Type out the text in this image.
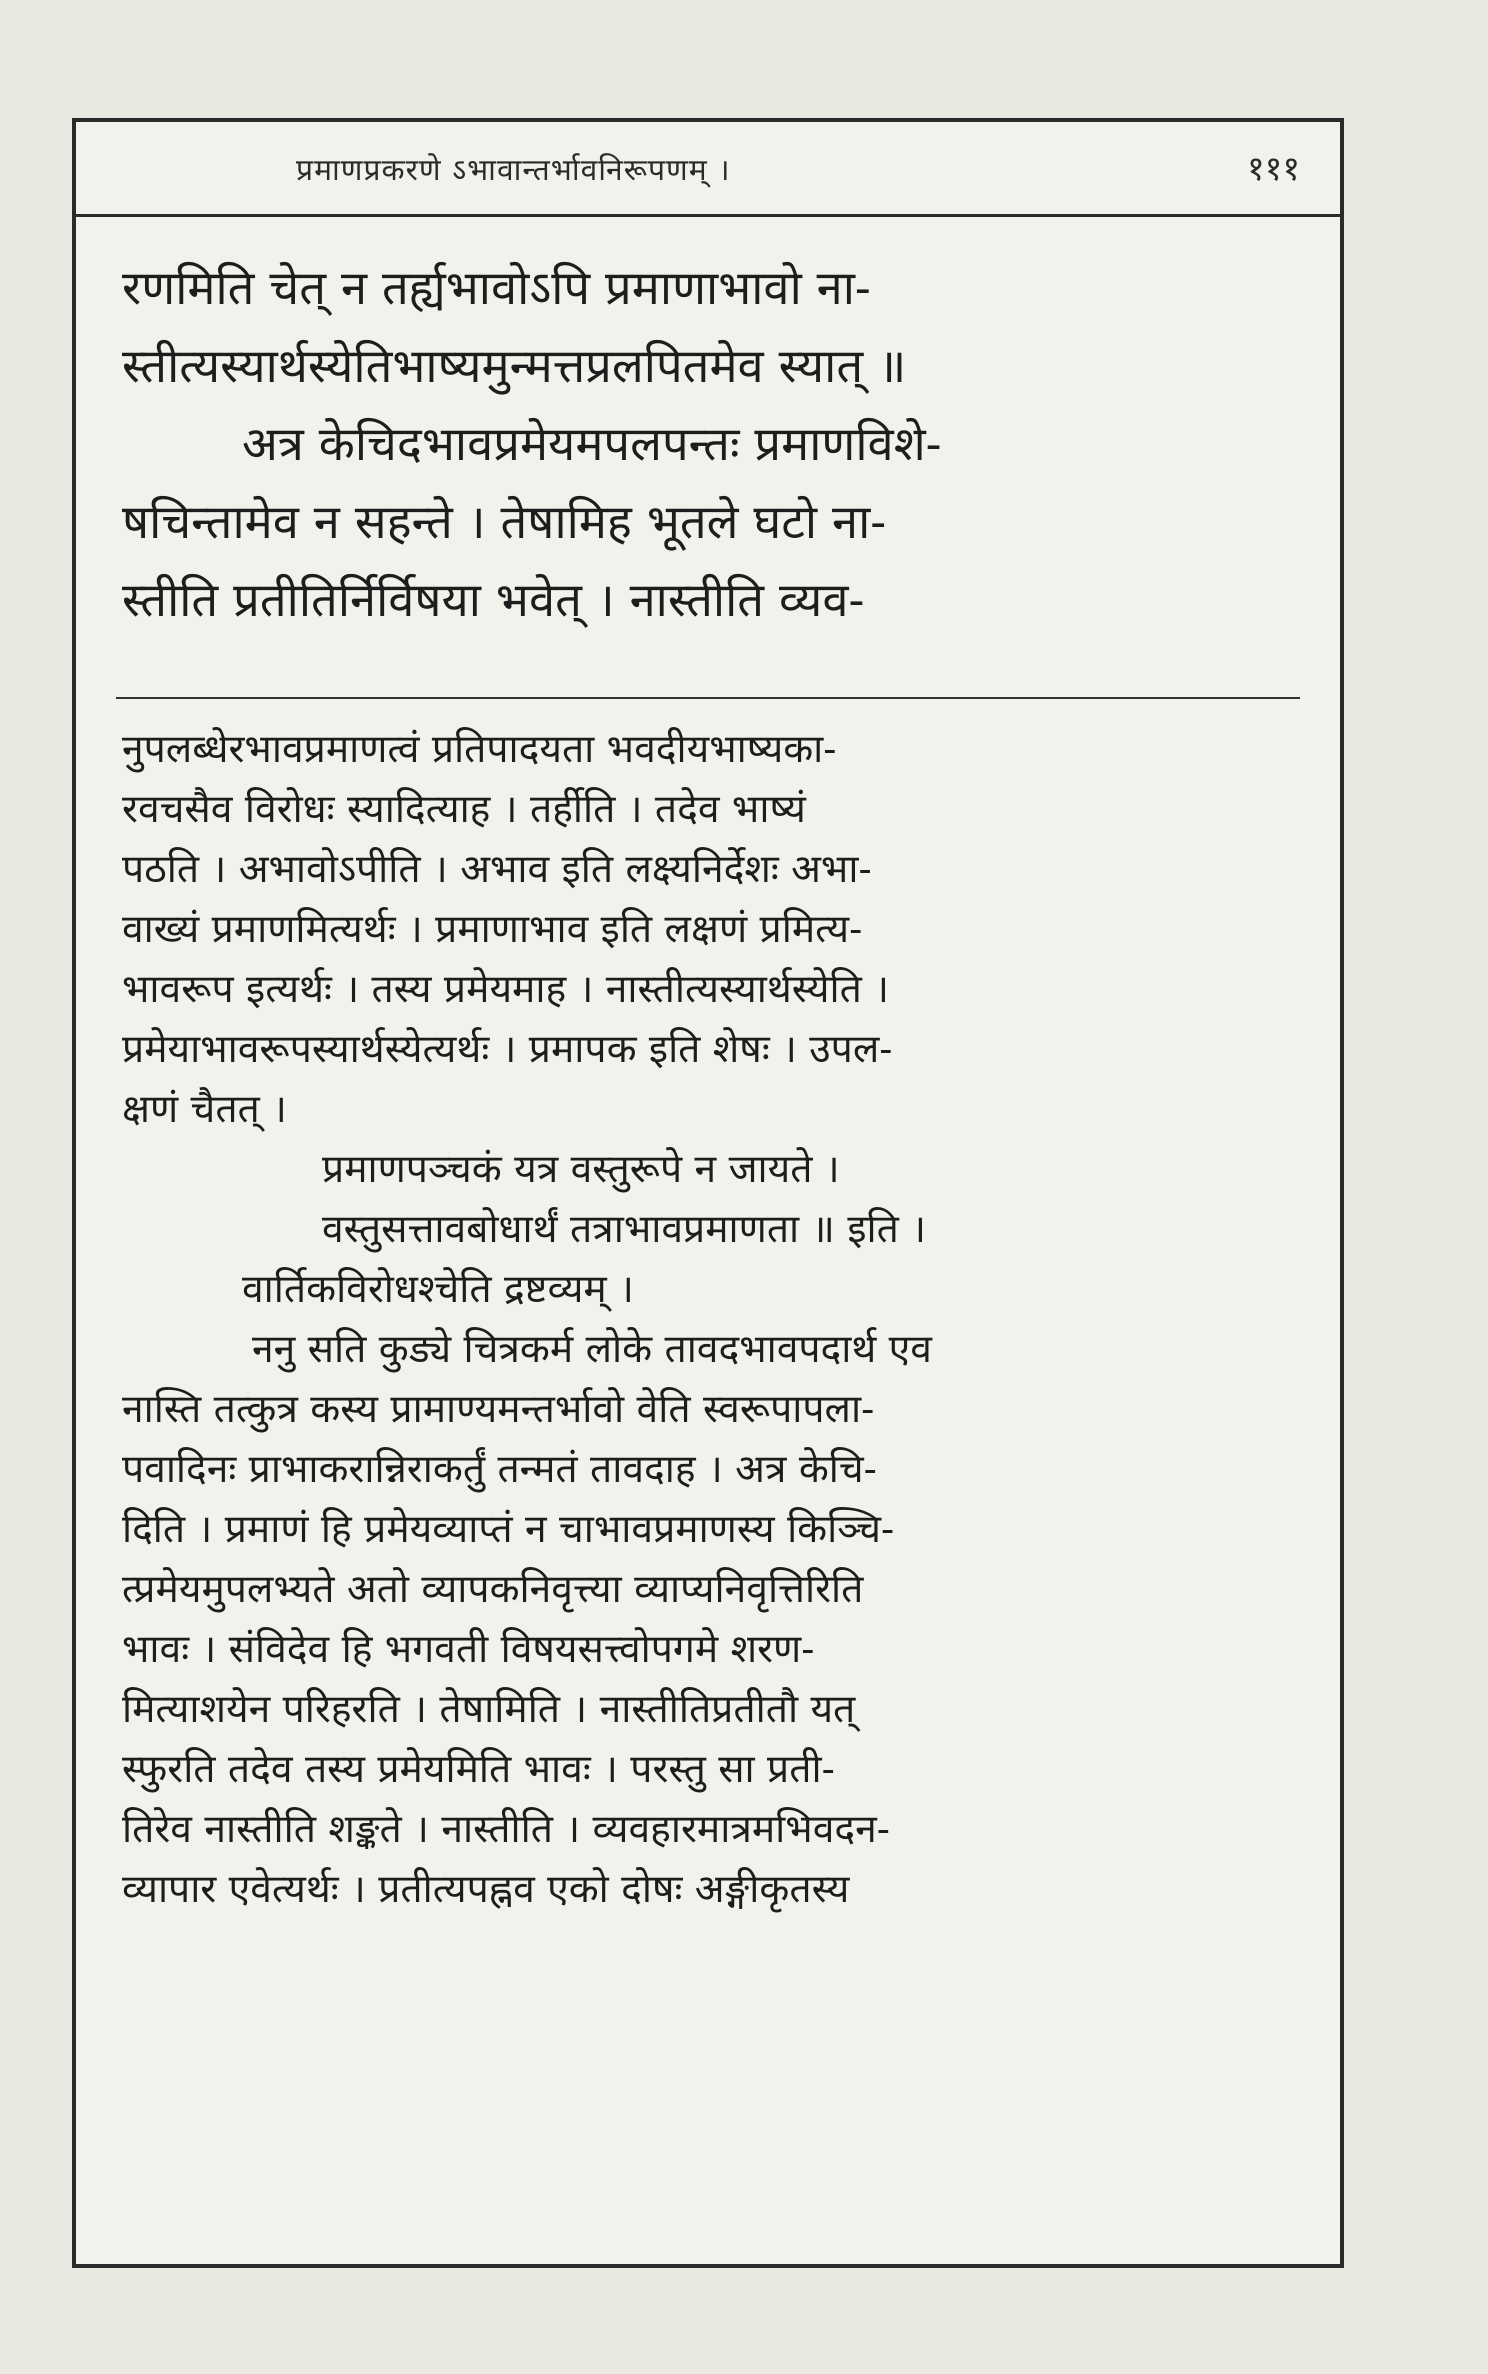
प्रमाणप्रकरणे ऽभावान्तर्भावनिरूपणम् ।	१११
रणमिति चेत् न तर्ह्यभावोऽपि प्रमाणाभावो ना-
स्तीत्यस्यार्थस्येतिभाष्यमुन्मत्तप्रलपितमेव स्यात् ॥
अत्र केचिदभावप्रमेयमपलपन्तः प्रमाणविशे-
षचिन्तामेव न सहन्ते । तेषामिह भूतले घटो ना-
स्तीति प्रतीतिर्निर्विषया भवेत् । नास्तीति व्यव-
नुपलब्धेरभावप्रमाणत्वं प्रतिपादयता भवदीयभाष्यका-
रवचसैव विरोधः स्यादित्याह । तर्हीति । तदेव भाष्यं
पठति । अभावोऽपीति । अभाव इति लक्ष्यनिर्देशः अभा-
वाख्यं प्रमाणमित्यर्थः । प्रमाणाभाव इति लक्षणं प्रमित्य-
भावरूप इत्यर्थः । तस्य प्रमेयमाह । नास्तीत्यस्यार्थस्येति ।
प्रमेयाभावरूपस्यार्थस्येत्यर्थः । प्रमापक इति शेषः । उपल-
क्षणं चैतत् ।
प्रमाणपञ्चकं यत्र वस्तुरूपे न जायते ।
वस्तुसत्तावबोधार्थं तत्राभावप्रमाणता ॥ इति ।
वार्तिकविरोधश्चेति द्रष्टव्यम् ।
ननु सति कुड्ये चित्रकर्म लोके तावदभावपदार्थ एव
नास्ति तत्कुत्र कस्य प्रामाण्यमन्तर्भावो वेति स्वरूपापला-
पवादिनः प्राभाकरान्निराकर्तुं तन्मतं तावदाह । अत्र केचि-
दिति । प्रमाणं हि प्रमेयव्याप्तं न चाभावप्रमाणस्य किञ्चि-
त्प्रमेयमुपलभ्यते अतो व्यापकनिवृत्त्या व्याप्यनिवृत्तिरिति
भावः । संविदेव हि भगवती विषयसत्त्वोपगमे शरण-
मित्याशयेन परिहरति । तेषामिति । नास्तीतिप्रतीतौ यत्
स्फुरति तदेव तस्य प्रमेयमिति भावः । परस्तु सा प्रती-
तिरेव नास्तीति शङ्कते । नास्तीति । व्यवहारमात्रमभिवदन-
व्यापार एवेत्यर्थः । प्रतीत्यपह्नव एको दोषः अङ्गीकृतस्य
